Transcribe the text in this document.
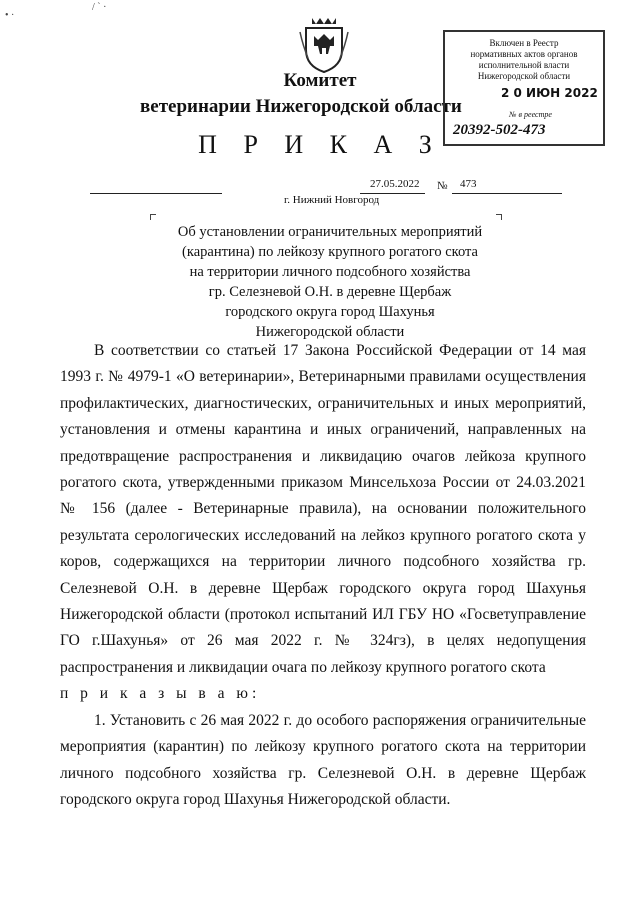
• ·
/ ` ·
Комитет
ветеринарии Нижегородской области
П Р И К А З
Включен в Реестр
нормативных актов органов
исполнительной власти
Нижегородской области
2 0 ИЮН 2022
№ в реестре
20392-502-473
27.05.2022 № 473
г. Нижний Новгород
Об установлении ограничительных мероприятий
(карантина) по лейкозу крупного рогатого скота
на территории личного подсобного хозяйства
гр. Селезневой О.Н. в деревне Щербаж
городского округа город Шахунья
Нижегородской области

В соответствии со статьей 17 Закона Российской Федерации от 14 мая 1993 г. № 4979-1 «О ветеринарии», Ветеринарными правилами осуществления профилактических, диагностических, ограничительных и иных мероприятий, установления и отмены карантина и иных ограничений, направленных на предотвращение распространения и ликвидацию очагов лейкоза крупного рогатого скота, утвержденными приказом Минсельхоза России от 24.03.2021 № 156 (далее - Ветеринарные правила), на основании положительного результата серологических исследований на лейкоз крупного рогатого скота у коров, содержащихся на территории личного подсобного хозяйства гр. Селезневой О.Н. в деревне Щербаж городского округа город Шахунья Нижегородской области (протокол испытаний ИЛ ГБУ НО «Госветуправление ГО г.Шахунья» от 26 мая 2022 г. № 324гз), в целях недопущения распространения и ликвидации очага по лейкозу крупного рогатого скота

п р и к а з ы в а ю:

1. Установить с 26 мая 2022 г. до особого распоряжения ограничительные мероприятия (карантин) по лейкозу крупного рогатого скота на территории личного подсобного хозяйства гр. Селезневой О.Н. в деревне Щербаж городского округа город Шахунья Нижегородской области.
